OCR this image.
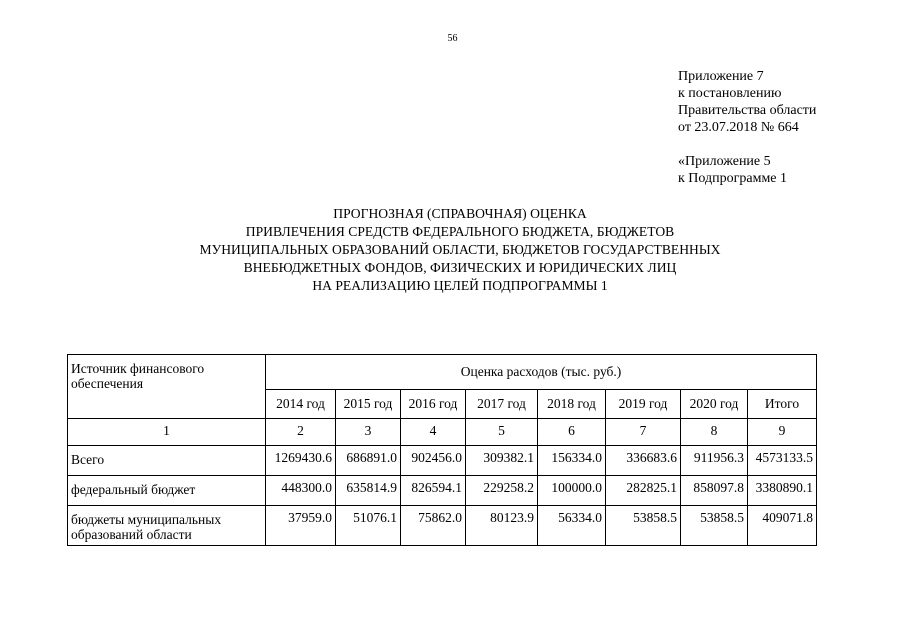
56
Приложение 7
к постановлению
Правительства области
от 23.07.2018 № 664
«Приложение 5
к Подпрограмме 1
ПРОГНОЗНАЯ (СПРАВОЧНАЯ) ОЦЕНКА
ПРИВЛЕЧЕНИЯ СРЕДСТВ ФЕДЕРАЛЬНОГО БЮДЖЕТА, БЮДЖЕТОВ
МУНИЦИПАЛЬНЫХ ОБРАЗОВАНИЙ ОБЛАСТИ, БЮДЖЕТОВ ГОСУДАРСТВЕННЫХ
ВНЕБЮДЖЕТНЫХ ФОНДОВ, ФИЗИЧЕСКИХ И ЮРИДИЧЕСКИХ ЛИЦ
НА РЕАЛИЗАЦИЮ ЦЕЛЕЙ ПОДПРОГРАММЫ 1
Источник финансового обеспечения	Оценка расходов (тыс. руб.)							
	2014 год	2015 год	2016 год	2017 год	2018 год	2019 год	2020 год	Итого
1	2	3	4	5	6	7	8	9
Всего	1269430.6	686891.0	902456.0	309382.1	156334.0	336683.6	911956.3	4573133.5
федеральный бюджет	448300.0	635814.9	826594.1	229258.2	100000.0	282825.1	858097.8	3380890.1
бюджеты муниципальных образований области	37959.0	51076.1	75862.0	80123.9	56334.0	53858.5	53858.5	409071.8
